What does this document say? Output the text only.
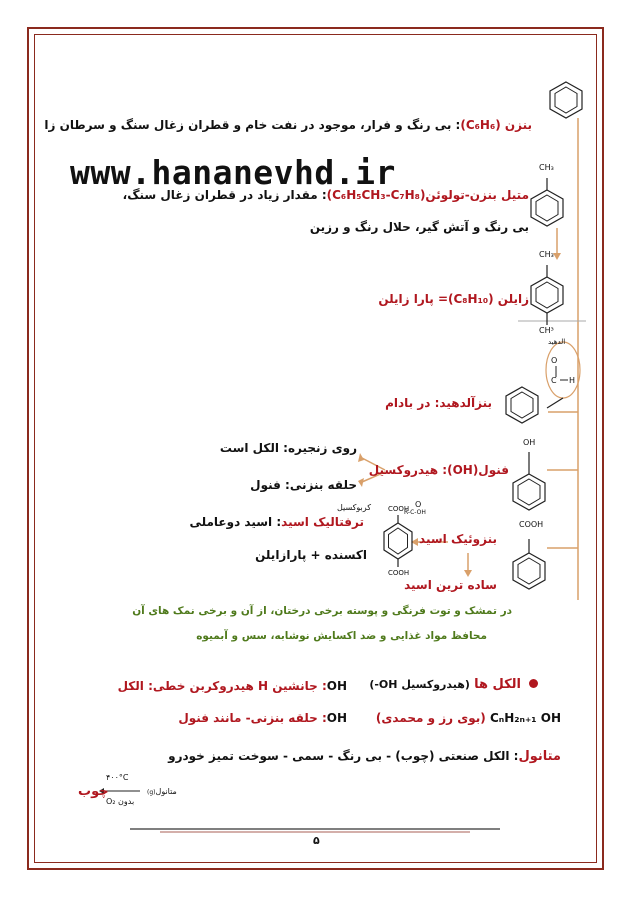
CH₃
CH₃
CH³
الدهید
O
C H
OH
COOH
COOH
COOH
O
R-C-OH
کربوکسیل
بنزن (C₆H₆): بی رنگ و فرار، موجود در نفت خام و قطران زغال سنگ و سرطان زا
www.hananevhd.ir
متیل بنزن-تولوئن(C₆H₅CH₃-C₇H₈): مقدار زیاد در قطران زغال سنگ،
بی رنگ و آتش گیر، حلال رنگ و رزین
زایلن (C₈H₁₀)= پارا زایلن
بنزآلدهید: در بادام
فنول(OH): هیدروکسیل
روی زنجیره: الکل است
حلقه بنزنی: فنول
ترفتالیک اسید: اسید دوعاملی
اکسنده + پارازایلن
بنزوئیک اسید
ساده ترین اسید
در تمشک و توت فرنگی و پوسته برخی درختان، از آن و برخی نمک های آن
محافظ مواد غذایی و ضد اکسایش نوشابه، سس و آبمیوه
الکل ها (هیدروکسیل OH-)
OH: جانشین H هیدروکربن خطی: الکل
OH: حلقه بنزنی- مانند فنول	CₙH₂ₙ₊₁ OH (بوی رز و محمدی)
متانول: الکل صنعتی (چوب) - بی رنگ - سمی - سوخت تمیز خودرو
چوب
۴۰۰°C
بدون O₂
متانول(g)
۵
